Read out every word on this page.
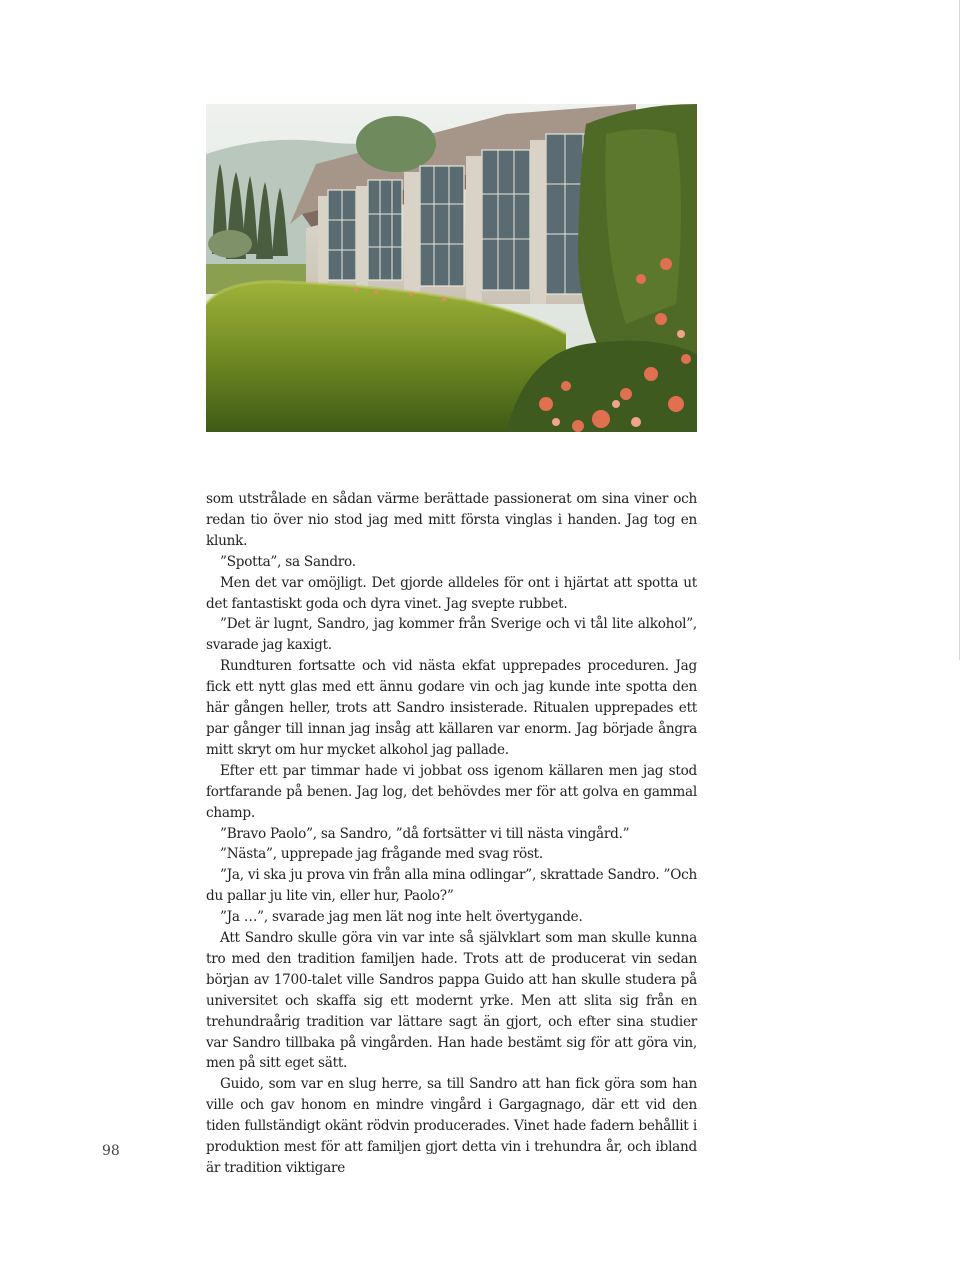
som utstrålade en sådan värme berättade passionerat om sina viner och redan tio över nio stod jag med mitt första vinglas i handen. Jag tog en klunk.

”Spotta”, sa Sandro.

Men det var omöjligt. Det gjorde alldeles för ont i hjärtat att spotta ut det fantastiskt goda och dyra vinet. Jag svepte rubbet.

”Det är lugnt, Sandro, jag kommer från Sverige och vi tål lite alkohol”, svarade jag kaxigt.

Rundturen fortsatte och vid nästa ekfat upprepades proceduren. Jag fick ett nytt glas med ett ännu godare vin och jag kunde inte spotta den här gången heller, trots att Sandro insisterade. Ritualen upprepades ett par gånger till innan jag insåg att källaren var enorm. Jag började ångra mitt skryt om hur mycket alkohol jag pallade.

Efter ett par timmar hade vi jobbat oss igenom källaren men jag stod fortfarande på benen. Jag log, det behövdes mer för att golva en gammal champ.

”Bravo Paolo”, sa Sandro, ”då fortsätter vi till nästa vingård.”

”Nästa”, upprepade jag frågande med svag röst.

”Ja, vi ska ju prova vin från alla mina odlingar”, skrattade Sandro. ”Och du pallar ju lite vin, eller hur, Paolo?”

”Ja …”, svarade jag men lät nog inte helt övertygande.

Att Sandro skulle göra vin var inte så självklart som man skulle kunna tro med den tradition familjen hade. Trots att de producerat vin sedan början av 1700-talet ville Sandros pappa Guido att han skulle studera på universitet och skaffa sig ett modernt yrke. Men att slita sig från en trehundraårig tradition var lättare sagt än gjort, och efter sina studier var Sandro tillbaka på vingården. Han hade bestämt sig för att göra vin, men på sitt eget sätt.

Guido, som var en slug herre, sa till Sandro att han fick göra som han ville och gav honom en mindre vingård i Gargagnago, där ett vid den tiden fullständigt okänt rödvin producerades. Vinet hade fadern behållit i produktion mest för att familjen gjort detta vin i trehundra år, och ibland är tradition viktigare

98
